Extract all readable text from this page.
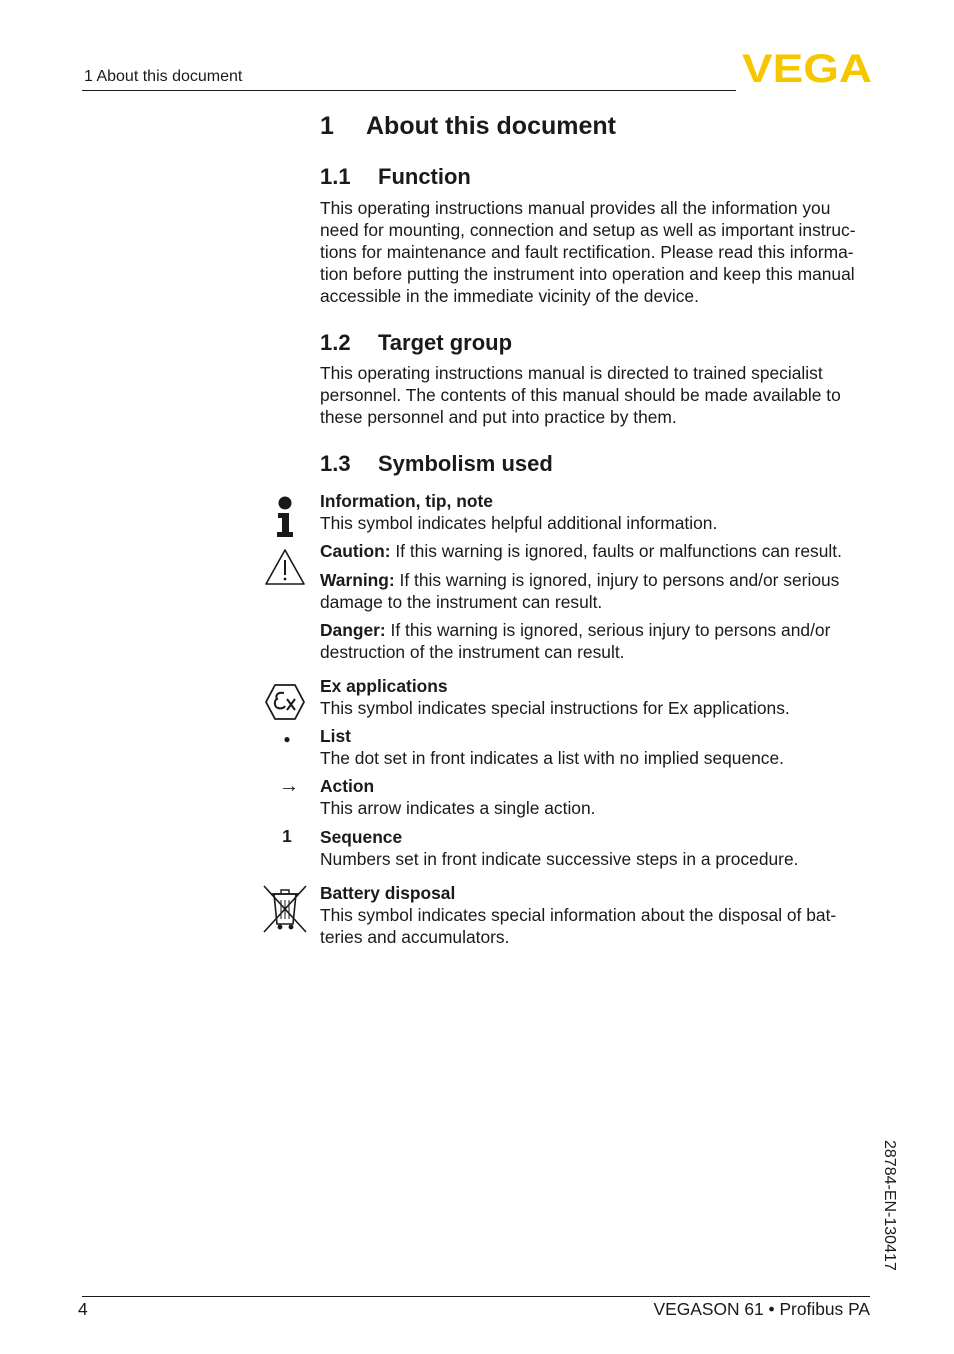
1 About this document	VEGA
1 About this document
1.1 Function
This operating instructions manual provides all the information you
need for mounting, connection and setup as well as important instruc-
tions for maintenance and fault rectification. Please read this informa-
tion before putting the instrument into operation and keep this manual
accessible in the immediate vicinity of the device.
1.2 Target group
This operating instructions manual is directed to trained specialist
personnel. The contents of this manual should be made available to
these personnel and put into practice by them.
1.3 Symbolism used
Information, tip, note
This symbol indicates helpful additional information.
Caution: If this warning is ignored, faults or malfunctions can result.
Warning: If this warning is ignored, injury to persons and/or serious
damage to the instrument can result.
Danger: If this warning is ignored, serious injury to persons and/or
destruction of the instrument can result.
Ex applications
This symbol indicates special instructions for Ex applications.
●	List
The dot set in front indicates a list with no implied sequence.
→ Action
This arrow indicates a single action.
1 Sequence
Numbers set in front indicate successive steps in a procedure.
Battery disposal
This symbol indicates special information about the disposal of bat-
teries and accumulators.
28784-EN-130417
4	VEGASON 61 • Profibus PA
